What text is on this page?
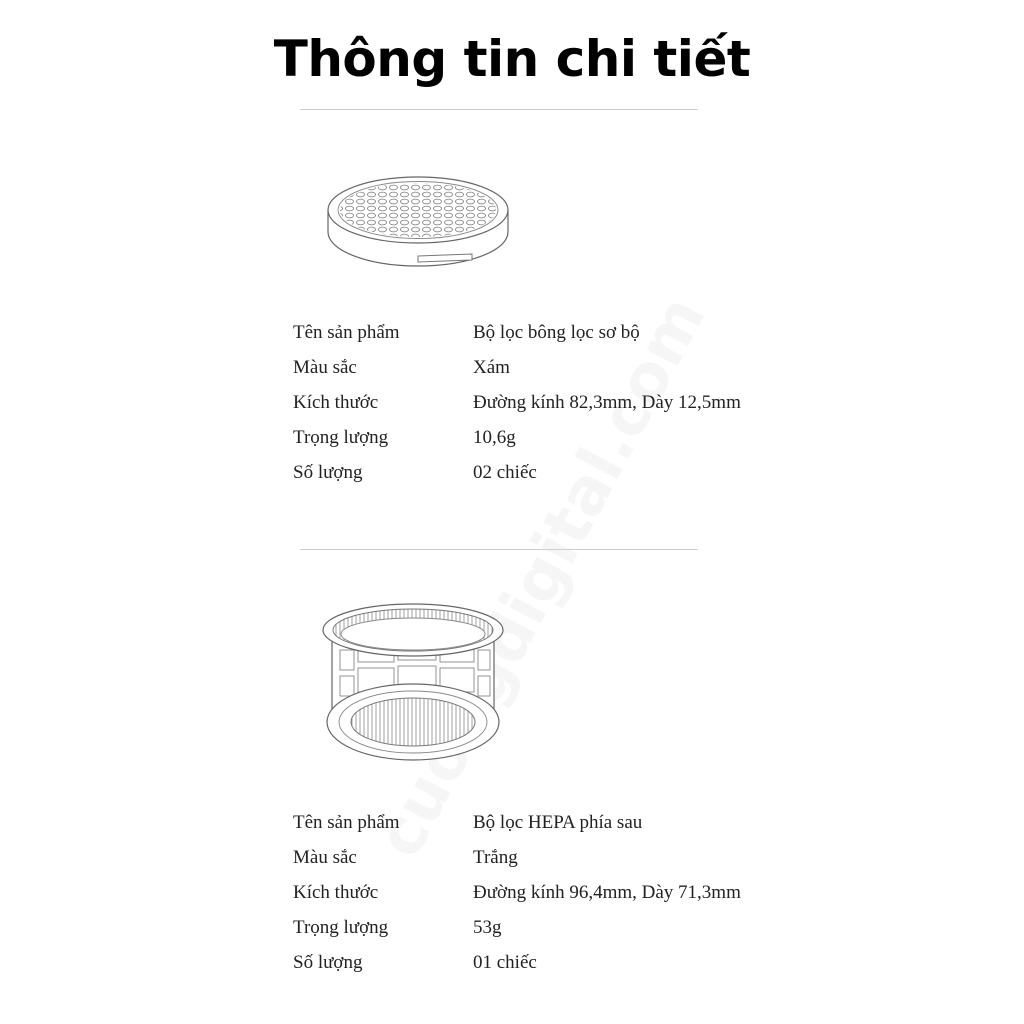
Thông tin chi tiết
Tên sản phẩm	Bộ lọc bông lọc sơ bộ
Màu sắc	Xám
Kích thước	Đường kính 82,3mm, Dày 12,5mm
Trọng lượng	10,6g
Số lượng	02 chiếc
Tên sản phẩm	Bộ lọc HEPA phía sau
Màu sắc	Trắng
Kích thước	Đường kính 96,4mm, Dày 71,3mm
Trọng lượng	53g
Số lượng	01 chiếc
